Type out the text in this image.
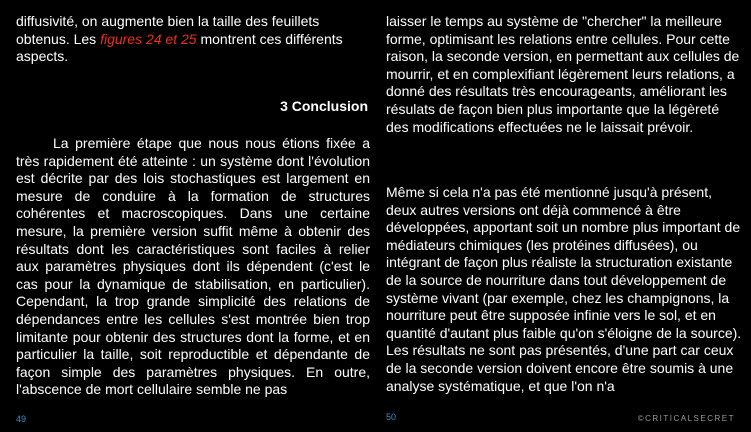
diffusivité, on augmente bien la taille des feuillets obtenus. Les figures 24 et 25 montrent ces différents aspects.

3 Conclusion

La première étape que nous nous étions fixée a très rapidement été atteinte : un système dont l'évolution est décrite par des lois stochastiques est largement en mesure de conduire à la formation de structures cohérentes et macroscopiques. Dans une certaine mesure, la première version suffit même à obtenir des résultats dont les caractéristiques sont faciles à relier aux paramètres physiques dont ils dépendent (c'est le cas pour la dynamique de stabilisation, en particulier). Cependant, la trop grande simplicité des relations de dépendances entre les cellules s'est montrée bien trop limitante pour obtenir des structures dont la forme, et en particulier la taille, soit reproductible et dépendante de façon simple des paramètres physiques. En outre, l'abscence de mort cellulaire semble ne pas

49

laisser le temps au système de "chercher" la meilleure forme, optimisant les relations entre cellules. Pour cette raison, la seconde version, en permettant aux cellules de mourrir, et en complexifiant légèrement leurs relations, a donné des résultats très encourageants, améliorant les résulats de façon bien plus importante que la légèreté des modifications effectuées ne le laissait prévoir.

Même si cela n'a pas été mentionné jusqu'à présent, deux autres versions ont déjà commencé à être développées, apportant soit un nombre plus important de médiateurs chimiques (les protéines diffusées), ou intégrant de façon plus réaliste la structuration existante de la source de nourriture dans tout développement de système vivant (par exemple, chez les champignons, la nourriture peut être supposée infinie vers le sol, et en quantité d'autant plus faible qu'on s'éloigne de la source). Les résultats ne sont pas présentés, d'une part car ceux de la seconde version doivent encore être soumis à une analyse systématique, et que l'on n'a

50	©CRITICALSECRET
